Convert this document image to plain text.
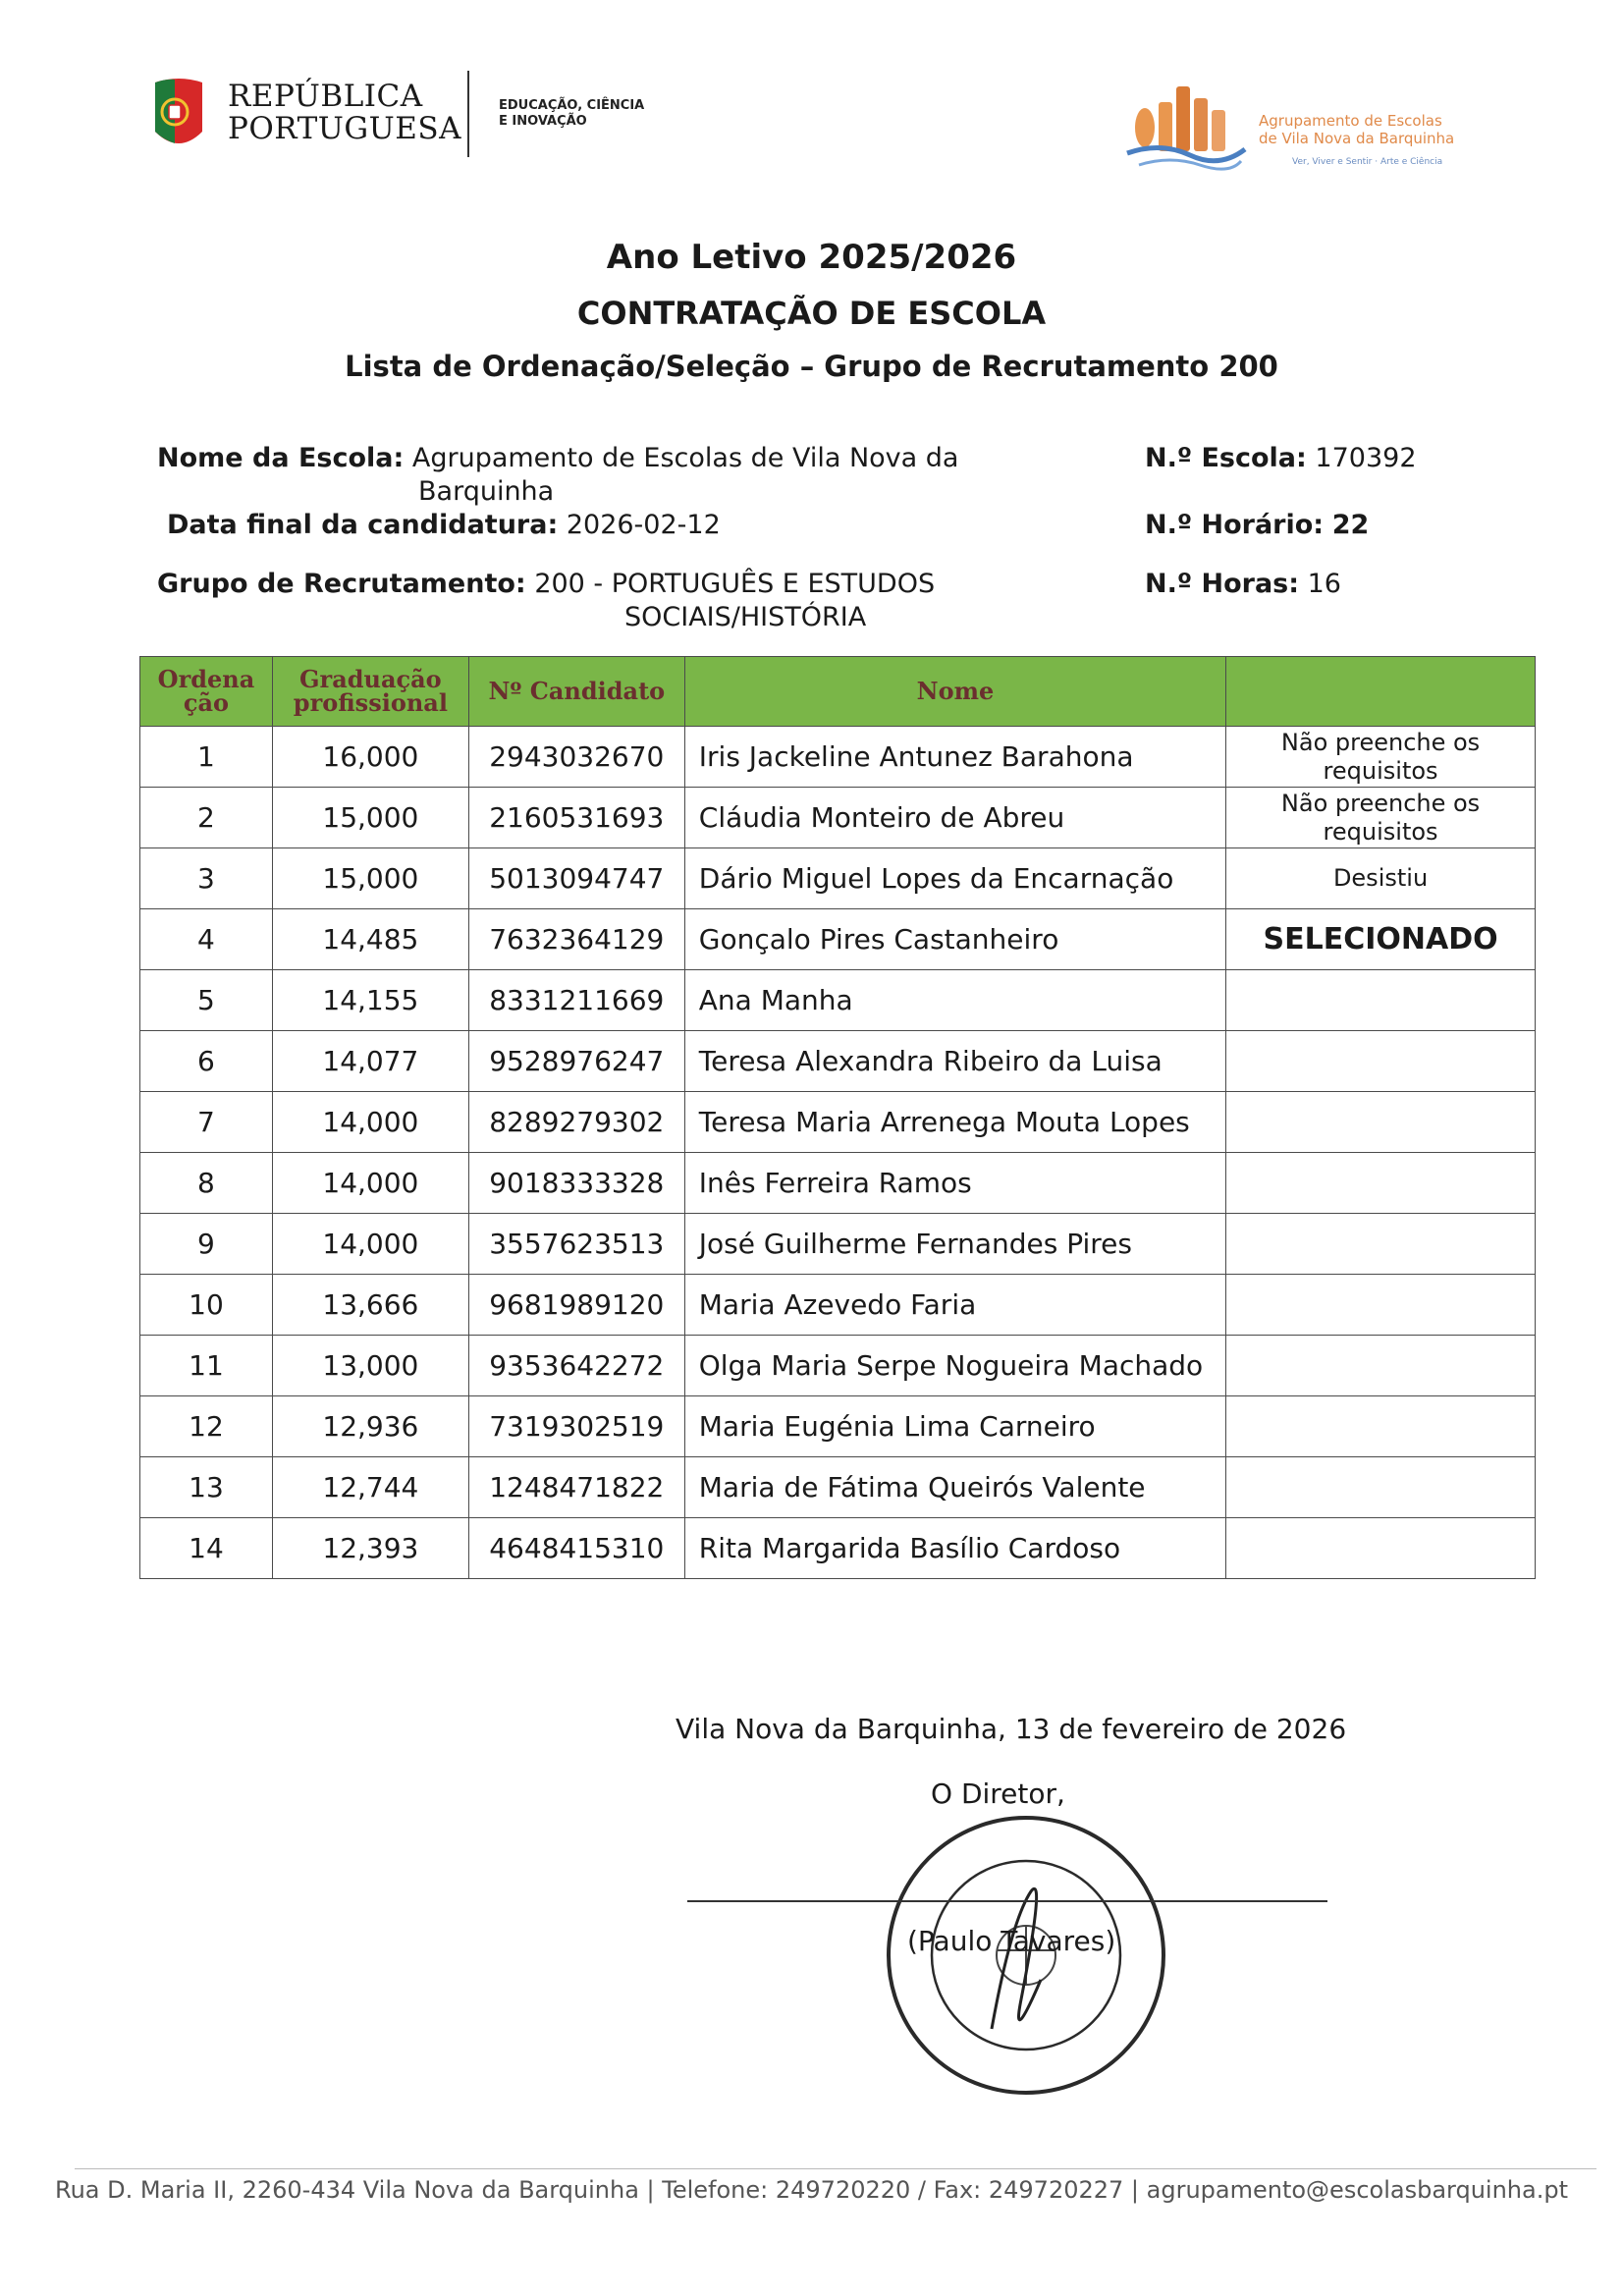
REPÚBLICA
PORTUGUESA
EDUCAÇÃO, CIÊNCIA
E INOVAÇÃO	Agrupamento de Escolas
de Vila Nova da Barquinha
Ver, Viver e Sentir · Arte e Ciência
Ano Letivo 2025/2026
CONTRATAÇÃO DE ESCOLA
Lista de Ordenação/Seleção – Grupo de Recrutamento 200
Nome da Escola: Agrupamento de Escolas de Vila Nova da
Barquinha
Data final da candidatura: 2026-02-12
Grupo de Recrutamento: 200 - PORTUGUÊS E ESTUDOS
SOCIAIS/HISTÓRIA
N.º Escola: 170392
N.º Horário: 22
N.º Horas: 16
Ordena ção	Graduação profissional	Nº Candidato	Nome	
1	16,000	2943032670	Iris Jackeline Antunez Barahona	Não preenche os requisitos
2	15,000	2160531693	Cláudia Monteiro de Abreu	Não preenche os requisitos
3	15,000	5013094747	Dário Miguel Lopes da Encarnação	Desistiu
4	14,485	7632364129	Gonçalo Pires Castanheiro	SELECIONADO
5	14,155	8331211669	Ana Manha	
6	14,077	9528976247	Teresa Alexandra Ribeiro da Luisa	
7	14,000	8289279302	Teresa Maria Arrenega Mouta Lopes	
8	14,000	9018333328	Inês Ferreira Ramos	
9	14,000	3557623513	José Guilherme Fernandes Pires	
10	13,666	9681989120	Maria Azevedo Faria	
11	13,000	9353642272	Olga Maria Serpe Nogueira Machado	
12	12,936	7319302519	Maria Eugénia Lima Carneiro	
13	12,744	1248471822	Maria de Fátima Queirós Valente	
14	12,393	4648415310	Rita Margarida Basílio Cardoso	
Vila Nova da Barquinha, 13 de fevereiro de 2026
O Diretor,
(Paulo Tavares)
Rua D. Maria II, 2260-434 Vila Nova da Barquinha | Telefone: 249720220 / Fax: 249720227 | agrupamento@escolasbarquinha.pt
